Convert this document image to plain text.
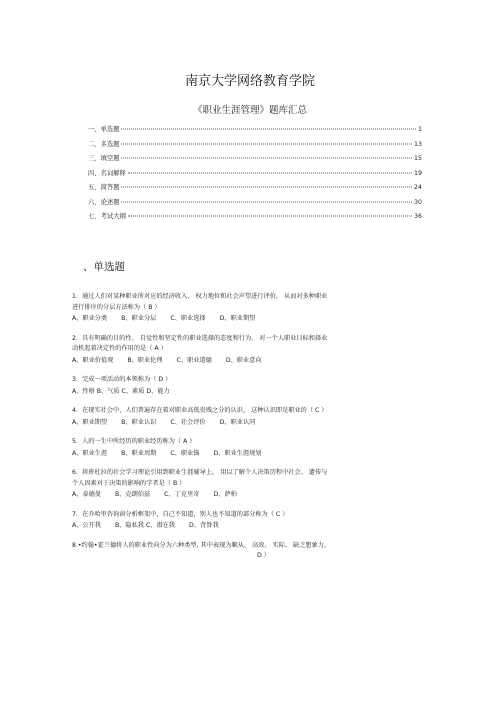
南京大学网络教育学院
《职业生涯管理》题库汇总
一、单选题	1
二、多选题	13
三、填空题	15
四、名词解释	19
五、简答题	24
六、论述题	30
七、考试大纲	36
、单选题
1．通过人们对某种职业所对应的经济收入、 权力地位和社会声望进行评价， 从而对多种职业
进行排序的分层方法称为（ B ）
A、职业分类 B、职业分层 C、职业选择 D、职业期望
2．具有明确的目的性、 自觉性和坚定性的职业选择的态度和行为， 对一个人职业目标和择业
动机起着决定性的作用的是（ A ）
A、职业价值观 B、职业伦理 C、职业道德 D、职业意向
3．完成一项活动的本领称为（ D ）
A、性格 B、气质 C、素质 D、能力
4．在现实社会中，人们普遍存在着对职业高低贵贱之分的认识， 这种认识即是职业的（ C ）
A、职业期望 B、职业认识 C、社会评价 D、职业认同
5．人的一生中所经历的职业经历称为（ A ）
A、职业生涯 B、职业周期 C、职业锚 D、职业生涯规划
6．将班杜拉的社会学习理论引用到职业生涯辅导上， 用以了解个人决策历程中社会、 遗传与
个人因素对于决策的影响的学者是（ B ）
A、泰德曼 B、克朗伯兹 C、丁克里奇 D、萨柏
7．在乔哈里咨询窗分析框架中，自己不知道，别人也不知道的部分称为（ C ）
A、公开我 B、隐私我 C、潜在我 D、背脊我
8 •约翰•霍兰德将人的职业性向分为六种类型, 其中表现为顺从、 高效、 实际、 缺乏想象力、
D ）
